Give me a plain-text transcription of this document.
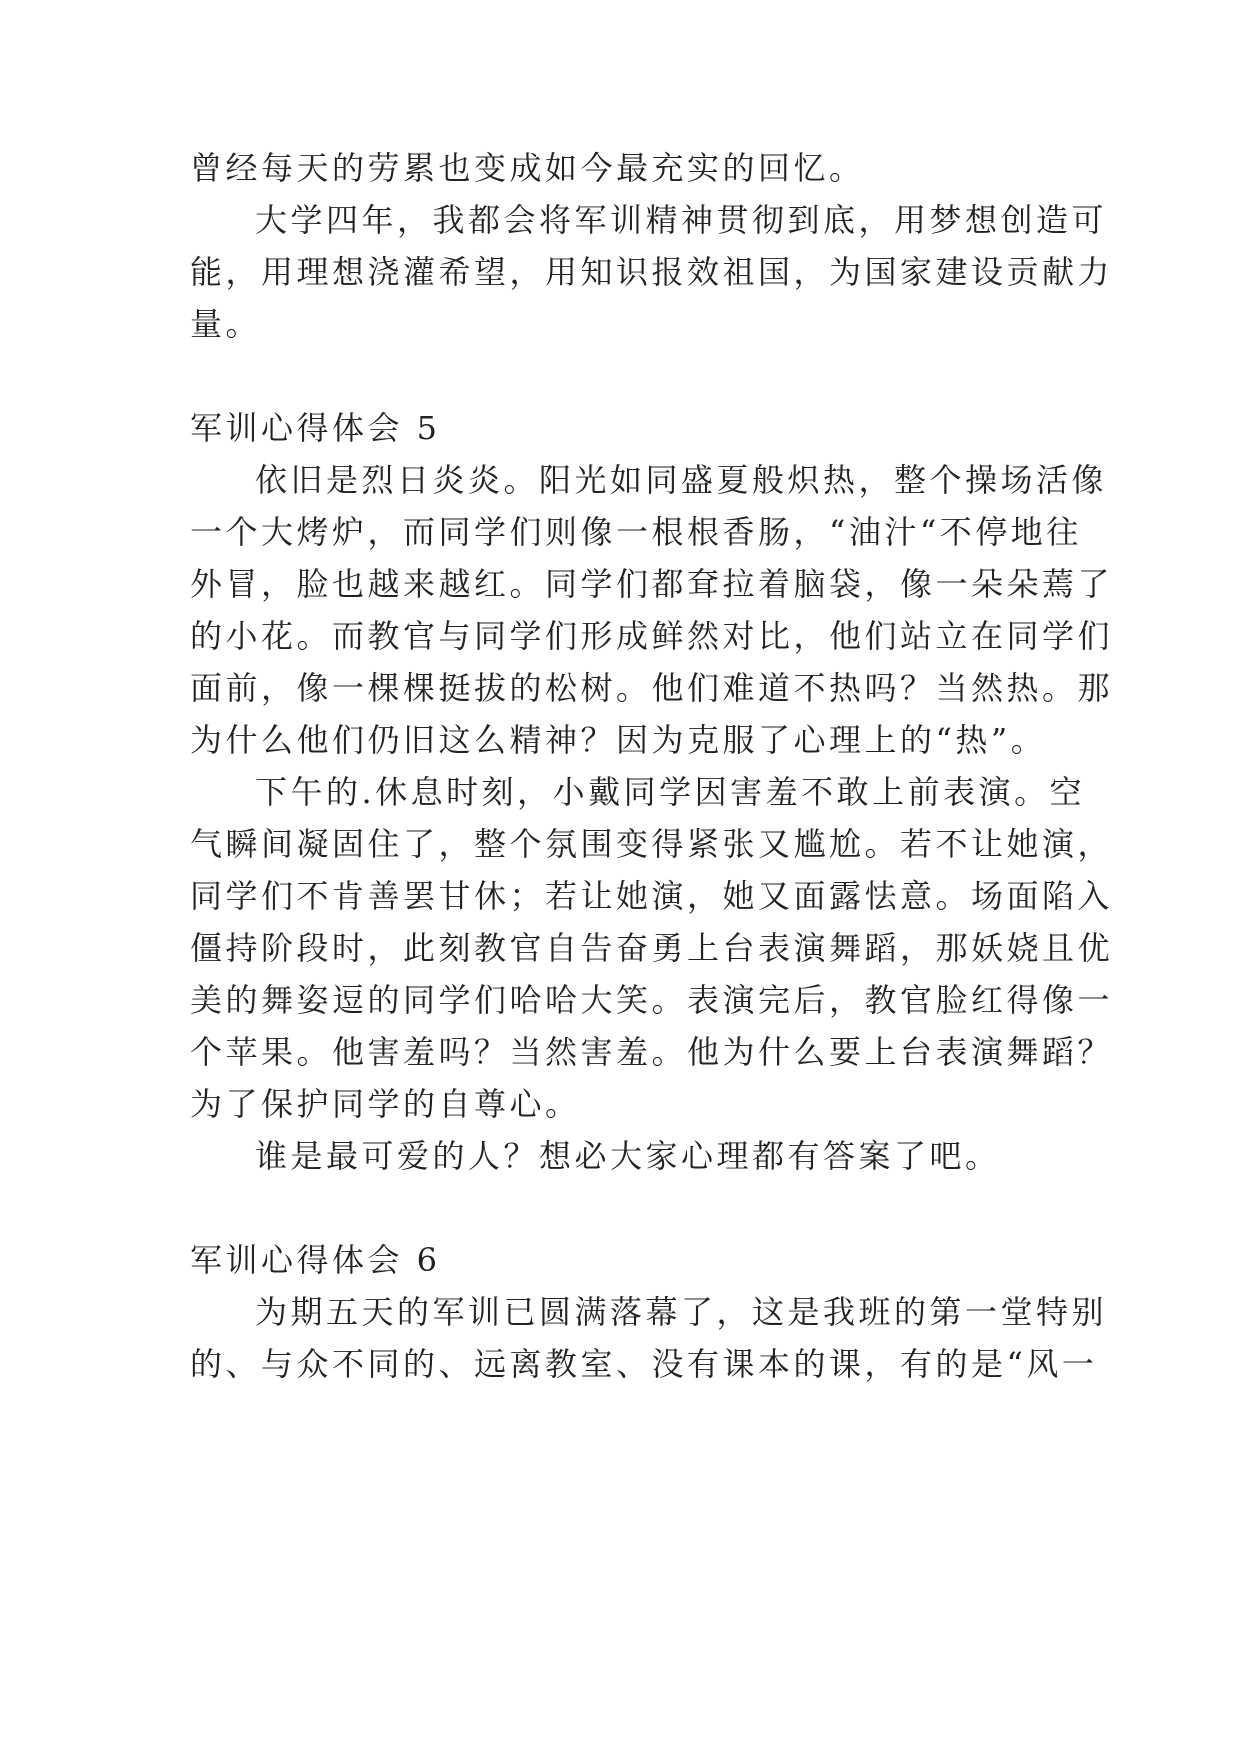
曾经每天的劳累也变成如今最充实的回忆。
大学四年，我都会将军训精神贯彻到底，用梦想创造可
能，用理想浇灌希望，用知识报效祖国，为国家建设贡献力
量。
军训心得体会 5
依旧是烈日炎炎。阳光如同盛夏般炽热，整个操场活像
一个大烤炉，而同学们则像一根根香肠，“油汁“不停地往
外冒，脸也越来越红。同学们都耷拉着脑袋，像一朵朵蔫了
的小花。而教官与同学们形成鲜然对比，他们站立在同学们
面前，像一棵棵挺拔的松树。他们难道不热吗？当然热。那
为什么他们仍旧这么精神？因为克服了心理上的“热”。
下午的.休息时刻，小戴同学因害羞不敢上前表演。空
气瞬间凝固住了，整个氛围变得紧张又尴尬。若不让她演，
同学们不肯善罢甘休；若让她演，她又面露怯意。场面陷入
僵持阶段时，此刻教官自告奋勇上台表演舞蹈，那妖娆且优
美的舞姿逗的同学们哈哈大笑。表演完后，教官脸红得像一
个苹果。他害羞吗？当然害羞。他为什么要上台表演舞蹈？
为了保护同学的自尊心。
谁是最可爱的人？想必大家心理都有答案了吧。
军训心得体会 6
为期五天的军训已圆满落幕了，这是我班的第一堂特别
的、与众不同的、远离教室、没有课本的课，有的是“风一
